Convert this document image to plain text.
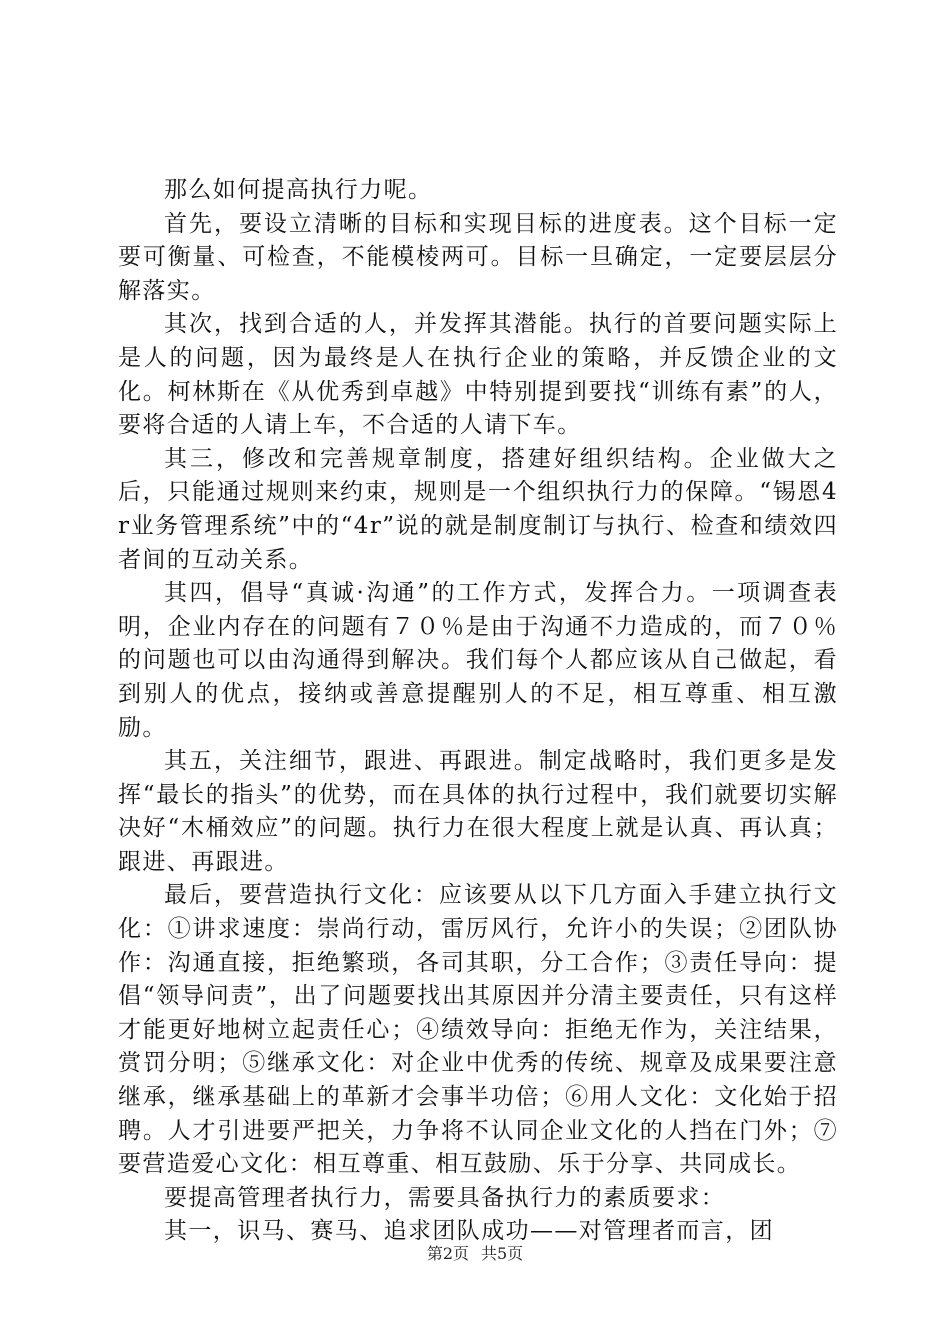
那么如何提高执行力呢。

首先，要设立清晰的目标和实现目标的进度表。这个目标一定要可衡量、可检查，不能模棱两可。目标一旦确定，一定要层层分解落实。

其次，找到合适的人，并发挥其潜能。执行的首要问题实际上是人的问题，因为最终是人在执行企业的策略，并反馈企业的文化。柯林斯在《从优秀到卓越》中特别提到要找“训练有素”的人，要将合适的人请上车，不合适的人请下车。

其三，修改和完善规章制度，搭建好组织结构。企业做大之后，只能通过规则来约束，规则是一个组织执行力的保障。“锡恩4r业务管理系统”中的“4r”说的就是制度制订与执行、检查和绩效四者间的互动关系。

其四，倡导“真诚·沟通”的工作方式，发挥合力。一项调查表明，企业内存在的问题有７０％是由于沟通不力造成的，而７０％的问题也可以由沟通得到解决。我们每个人都应该从自己做起，看到别人的优点，接纳或善意提醒别人的不足，相互尊重、相互激励。

其五，关注细节，跟进、再跟进。制定战略时，我们更多是发挥“最长的指头”的优势，而在具体的执行过程中，我们就要切实解决好“木桶效应”的问题。执行力在很大程度上就是认真、再认真；跟进、再跟进。

最后，要营造执行文化：应该要从以下几方面入手建立执行文化：①讲求速度：崇尚行动，雷厉风行，允许小的失误；②团队协作：沟通直接，拒绝繁琐，各司其职，分工合作；③责任导向：提倡“领导问责”，出了问题要找出其原因并分清主要责任，只有这样才能更好地树立起责任心；④绩效导向：拒绝无作为，关注结果，赏罚分明；⑤继承文化：对企业中优秀的传统、规章及成果要注意继承，继承基础上的革新才会事半功倍；⑥用人文化：文化始于招聘。人才引进要严把关，力争将不认同企业文化的人挡在门外；⑦要营造爱心文化：相互尊重、相互鼓励、乐于分享、共同成长。

要提高管理者执行力，需要具备执行力的素质要求：

其一，识马、赛马、追求团队成功——对管理者而言，团

第2页 共5页
